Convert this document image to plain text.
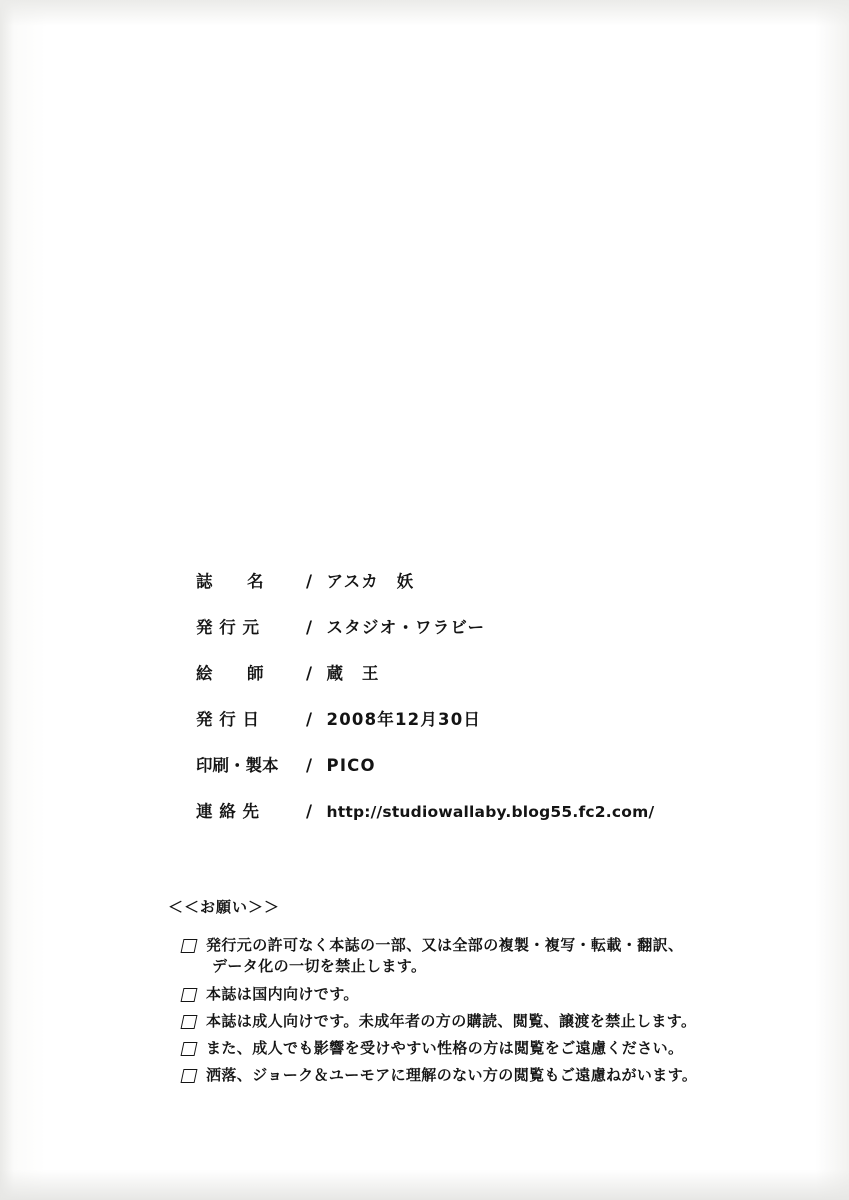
誌　　名	/ アスカ　妖
発 行 元	/ スタジオ・ワラビー
絵　　師	/ 蔵　王
発 行 日	/ 2008年12月30日
印刷・製本	/ PICO
連 絡 先	/ http://studiowallaby.blog55.fc2.com/
＜＜お願い＞＞
発行元の許可なく本誌の一部、又は全部の複製・複写・転載・翻訳、
データ化の一切を禁止します。
本誌は国内向けです。
本誌は成人向けです。未成年者の方の購読、閲覧、譲渡を禁止します。
また、成人でも影響を受けやすい性格の方は閲覧をご遠慮ください。
洒落、ジョーク＆ユーモアに理解のない方の閲覧もご遠慮ねがいます。
